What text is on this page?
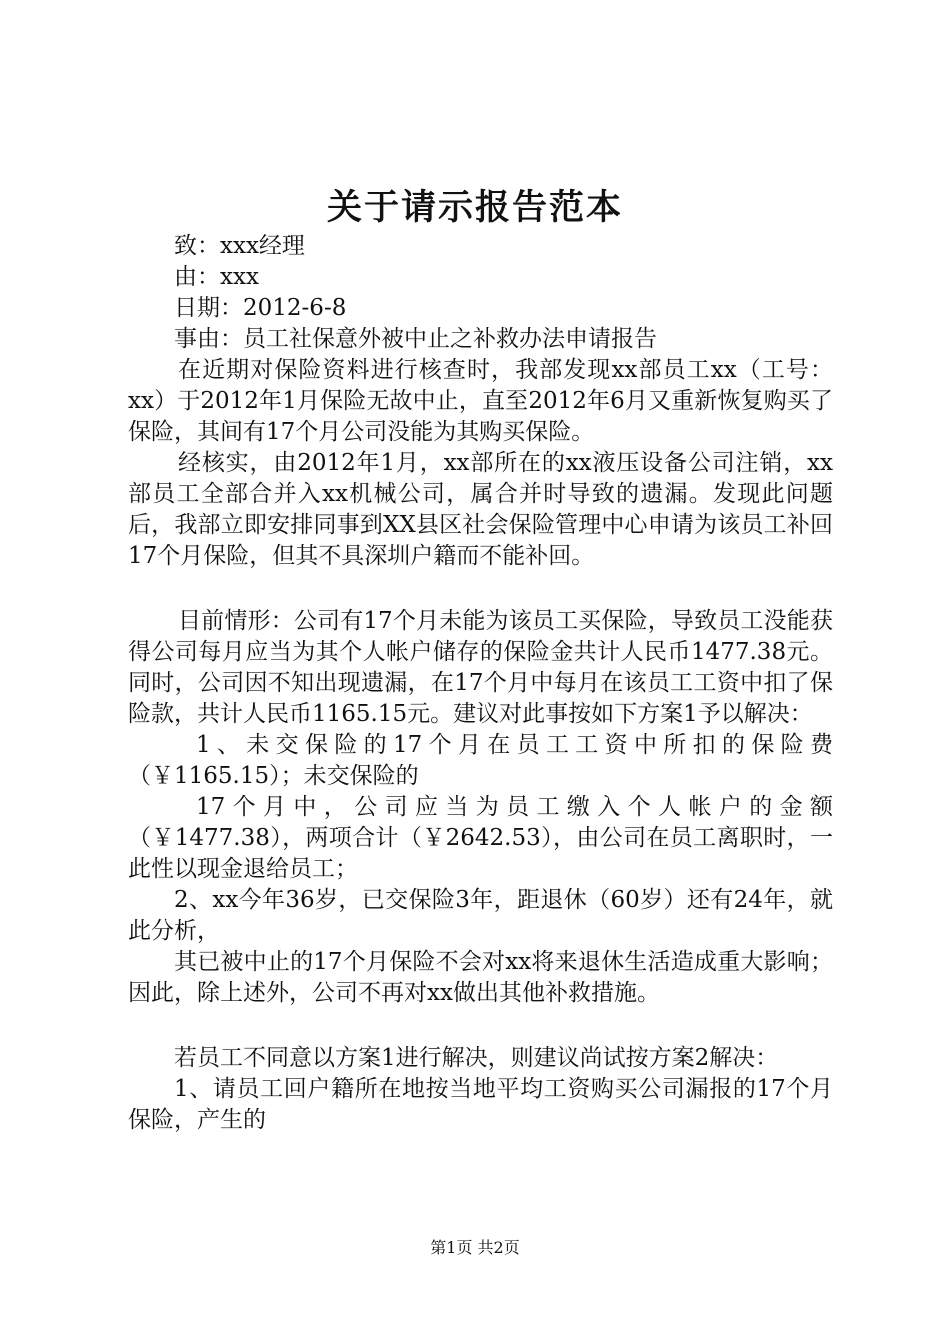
关于请示报告范本

致：xxx经理

由：xxx

日期：2012-6-8

事由：员工社保意外被中止之补救办法申请报告

在近期对保险资料进行核查时，我部发现xx部员工xx（工号：xx）于2012年1月保险无故中止，直至2012年6月又重新恢复购买了保险，其间有17个月公司没能为其购买保险。

经核实，由2012年1月，xx部所在的xx液压设备公司注销，xx部员工全部合并入xx机械公司，属合并时导致的遗漏。发现此问题后，我部立即安排同事到XX县区社会保险管理中心申请为该员工补回17个月保险，但其不具深圳户籍而不能补回。

目前情形：公司有17个月未能为该员工买保险，导致员工没能获得公司每月应当为其个人帐户储存的保险金共计人民币1477.38元。同时，公司因不知出现遗漏，在17个月中每月在该员工工资中扣了保险款，共计人民币1165.15元。建议对此事按如下方案1予以解决：

1、未交保险的17个月在员工工资中所扣的保险费（￥1165.15）；未交保险的

17个月中，公司应当为员工缴入个人帐户的金额（￥1477.38），两项合计（￥2642.53），由公司在员工离职时，一此性以现金退给员工；

2、xx今年36岁，已交保险3年，距退休（60岁）还有24年，就此分析，

其已被中止的17个月保险不会对xx将来退休生活造成重大影响；因此，除上述外，公司不再对xx做出其他补救措施。

若员工不同意以方案1进行解决，则建议尚试按方案2解决：

1、请员工回户籍所在地按当地平均工资购买公司漏报的17个月保险，产生的

第1页 共2页
